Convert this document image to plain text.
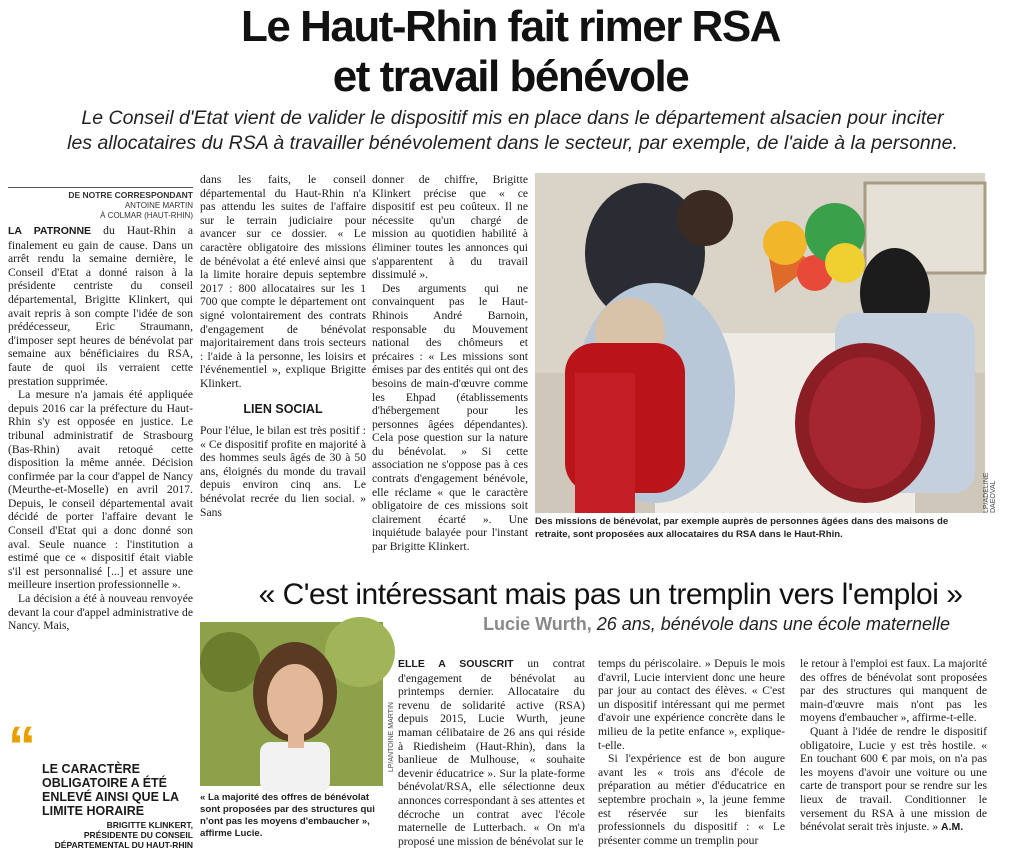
Le Haut-Rhin fait rimer RSA
et travail bénévole
Le Conseil d'Etat vient de valider le dispositif mis en place dans le département alsacien pour inciter
les allocataires du RSA à travailler bénévolement dans le secteur, par exemple, de l'aide à la personne.
DE NOTRE CORRESPONDANT
ANTOINE MARTIN
À COLMAR (HAUT-RHIN)

LA PATRONNE du Haut-Rhin a finalement eu gain de cause. Dans un arrêt rendu la semaine dernière, le Conseil d'Etat a donné raison à la présidente centriste du conseil départemental, Brigitte Klinkert, qui avait repris à son compte l'idée de son prédécesseur, Eric Straumann, d'imposer sept heures de bénévolat par semaine aux bénéficiaires du RSA, faute de quoi ils verraient cette prestation supprimée.

La mesure n'a jamais été appliquée depuis 2016 car la préfecture du Haut-Rhin s'y est opposée en justice. Le tribunal administratif de Strasbourg (Bas-Rhin) avait retoqué cette disposition la même année. Décision confirmée par la cour d'appel de Nancy (Meurthe-et-Moselle) en avril 2017. Depuis, le conseil départemental avait décidé de porter l'affaire devant le Conseil d'Etat qui a donc donné son aval. Seule nuance : l'institution a estimé que ce « dispositif était viable s'il est personnalisé [...] et assure une meilleure insertion professionnelle ».

La décision a été à nouveau renvoyée devant la cour d'appel administrative de Nancy. Mais,

dans les faits, le conseil départemental du Haut-Rhin n'a pas attendu les suites de l'affaire sur le terrain judiciaire pour avancer sur ce dossier. « Le caractère obligatoire des missions de bénévolat a été enlevé ainsi que la limite horaire depuis septembre 2017 : 800 allocataires sur les 1 700 que compte le département ont signé volontairement des contrats d'engagement de bénévolat majoritairement dans trois secteurs : l'aide à la personne, les loisirs et l'événementiel », explique Brigitte Klinkert.

LIEN SOCIAL

Pour l'élue, le bilan est très positif : « Ce dispositif profite en majorité à des hommes seuls âgés de 30 à 50 ans, éloignés du monde du travail depuis environ cinq ans. Le bénévolat recrée du lien social. » Sans

donner de chiffre, Brigitte Klinkert précise que « ce dispositif est peu coûteux. Il ne nécessite qu'un chargé de mission au quotidien habilité à éliminer toutes les annonces qui s'apparentent à du travail dissimulé ».

Des arguments qui ne convainquent pas le Haut-Rhinois André Barnoin, responsable du Mouvement national des chômeurs et précaires : « Les missions sont émises par des entités qui ont des besoins de main-d'œuvre comme les Ehpad (établissements d'hébergement pour les personnes âgées dépendantes). Cela pose question sur la nature du bénévolat. » Si cette association ne s'oppose pas à ces contrats d'engagement bénévole, elle réclame « que le caractère obligatoire de ces missions soit clairement écarté ». Une inquiétude balayée pour l'instant par Brigitte Klinkert.

LP/ADELINE DAEOVAL
Des missions de bénévolat, par exemple auprès de personnes âgées dans des maisons de retraite, sont proposées aux allocataires du RSA dans le Haut-Rhin.
« C'est intéressant mais pas un tremplin vers l'emploi »
Lucie Wurth, 26 ans, bénévole dans une école maternelle
LP/ANTOINE MARTIN
« La majorité des offres de bénévolat sont proposées par des structures qui n'ont pas les moyens d'embaucher », affirme Lucie.

ELLE A SOUSCRIT un contrat d'engagement de bénévolat au printemps dernier. Allocataire du revenu de solidarité active (RSA) depuis 2015, Lucie Wurth, jeune maman célibataire de 26 ans qui réside à Riedisheim (Haut-Rhin), dans la banlieue de Mulhouse, « souhaite devenir éducatrice ». Sur la plate-forme bénévolat/RSA, elle sélectionne deux annonces correspondant à ses attentes et décroche un contrat avec l'école maternelle de Lutterbach. « On m'a proposé une mission de bénévolat sur le

temps du périscolaire. » Depuis le mois d'avril, Lucie intervient donc une heure par jour au contact des élèves. « C'est un dispositif intéressant qui me permet d'avoir une expérience concrète dans le milieu de la petite enfance », explique-t-elle.

Si l'expérience est de bon augure avant les « trois ans d'école de préparation au métier d'éducatrice en septembre prochain », la jeune femme est réservée sur les bienfaits professionnels du dispositif : « Le présenter comme un tremplin pour

le retour à l'emploi est faux. La majorité des offres de bénévolat sont proposées par des structures qui manquent de main-d'œuvre mais n'ont pas les moyens d'embaucher », affirme-t-elle.

Quant à l'idée de rendre le dispositif obligatoire, Lucie y est très hostile. « En touchant 600 € par mois, on n'a pas les moyens d'avoir une voiture ou une carte de transport pour se rendre sur les lieux de travail. Conditionner le versement du RSA à une mission de bénévolat serait très injuste. » A.M.

“ LE CARACTÈRE OBLIGATOIRE A ÉTÉ ENLEVÉ AINSI QUE LA LIMITE HORAIRE
BRIGITTE KLINKERT,
PRÉSIDENTE DU CONSEIL DÉPARTEMENTAL DU HAUT-RHIN
